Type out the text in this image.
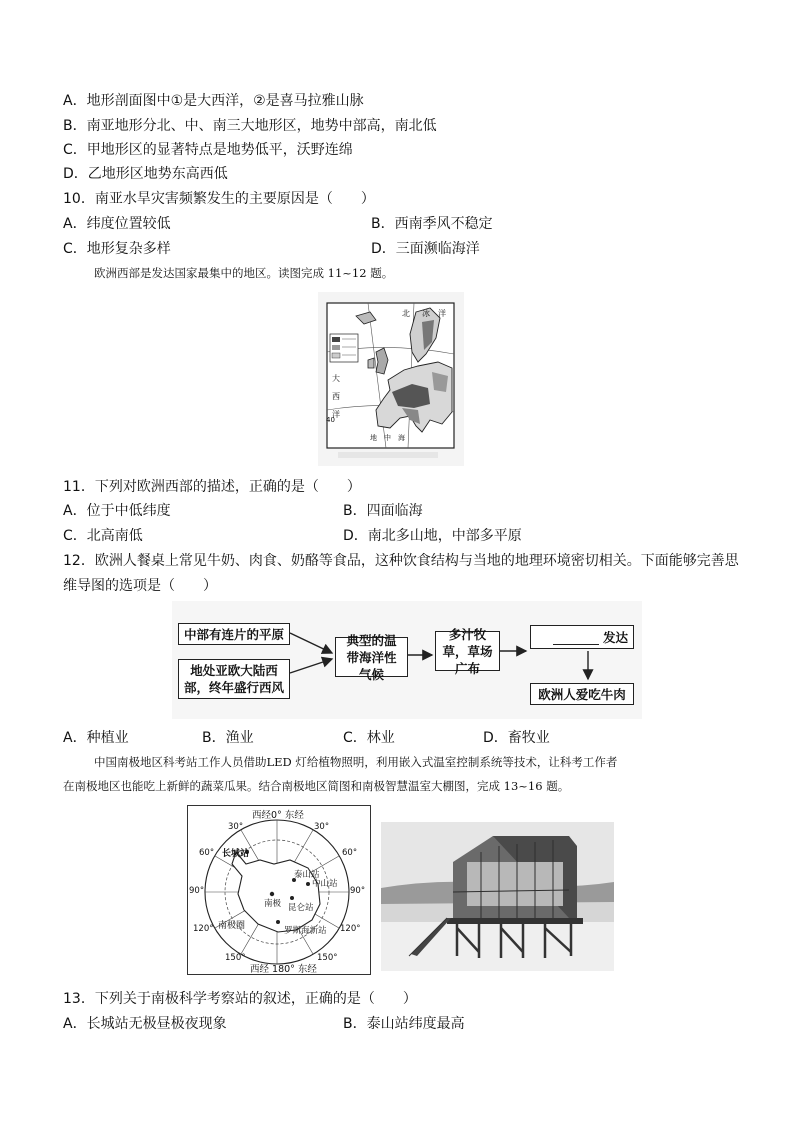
A．地形剖面图中①是大西洋，②是喜马拉雅山脉
B．南亚地形分北、中、南三大地形区，地势中部高，南北低
C．甲地形区的显著特点是地势低平，沃野连绵
D．乙地形区地势东高西低
10．南亚水旱灾害频繁发生的主要原因是（　　）
A．纬度位置较低	B．西南季风不稳定
C．地形复杂多样	D．三面濒临海洋
欧洲西部是发达国家最集中的地区。读图完成 11~12 题。
北 冰　洋
大
西
洋
40
地　中　海
11．下列对欧洲西部的描述，正确的是（　　）
A．位于中低纬度	B．四面临海
C．北高南低	D．南北多山地，中部多平原
12．欧洲人餐桌上常见牛奶、肉食、奶酪等食品，这种饮食结构与当地的地理环境密切相关。下面能够完善思
维导图的选项是（　　）
中部有连片的平原
地处亚欧大陆西部，终年盛行西风
典型的温带海洋性气候
多汁牧草，草场广布
发达
欧洲人爱吃牛肉
A．种植业	B．渔业	C．林业	D．畜牧业
中国南极地区科考站工作人员借助LED 灯给植物照明，利用嵌入式温室控制系统等技术，让科考工作者
在南极地区也能吃上新鲜的蔬菜瓜果。结合南极地区简图和南极智慧温室大棚图，完成 13~16 题。
西经0° 东经
西经 180° 东经
30°	30°
60°	60°
90°	90°
120°	120°
150°	150°
长城站
中山站
泰山站
昆仑站
南极
南极圈	罗斯海新站
13．下列关于南极科学考察站的叙述，正确的是（　　）
A．长城站无极昼极夜现象	B．泰山站纬度最高
